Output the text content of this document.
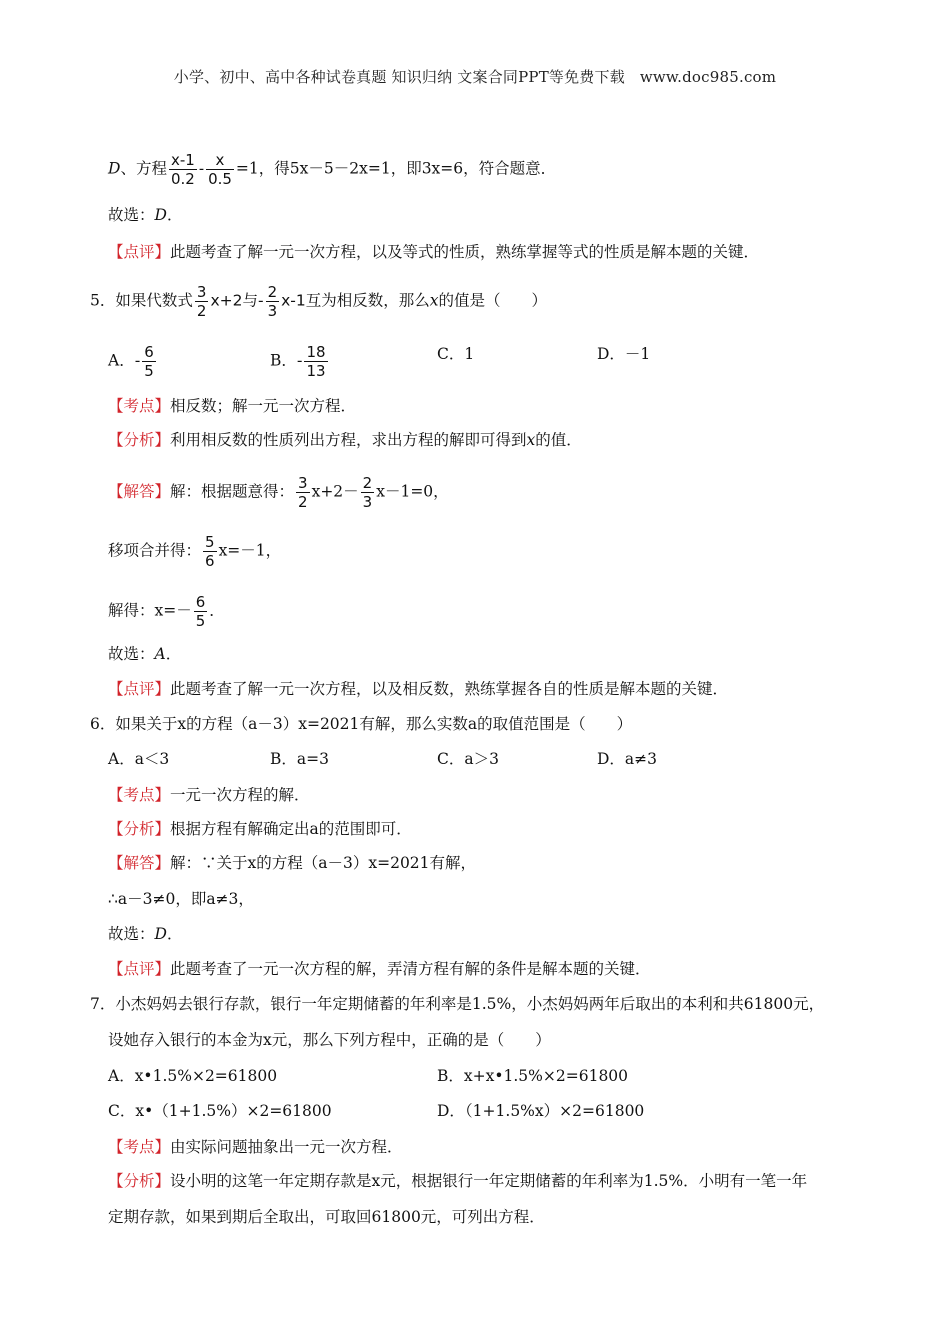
小学、初中、高中各种试卷真题 知识归纳 文案合同PPT等免费下载 www.doc985.com
D、方程 $\frac{x-1}{0.2} - \frac{x}{0.5} =1$，得5x－5－2x=1，即3x=6，符合题意．
故选：D．
【点评】此题考查了解一元一次方程，以及等式的性质，熟练掌握等式的性质是解本题的关键．
5．如果代数式 $\frac{3}{2} x+2$与- $\frac{2}{3} x-1$互为相反数，那么x的值是（　　）
A．- $\frac{6}{5}$	B．- $\frac{18}{13}$	C．1	D．－1
【考点】相反数；解一元一次方程．
【分析】利用相反数的性质列出方程，求出方程的解即可得到x的值．
【解答】解：根据题意得： $\frac{3}{2} x+2- \frac{2}{3} x-1=0$，
移项合并得： $\frac{5}{6} x=-1$，
解得：$x=- \frac{6}{5}$ ．
故选：A．
【点评】此题考查了解一元一次方程，以及相反数，熟练掌握各自的性质是解本题的关键．
6．如果关于x的方程（a－3）x=2021有解，那么实数a的取值范围是（　　）
A．a＜3	B．a=3	C．a＞3	D．a≠3
【考点】一元一次方程的解．
【分析】根据方程有解确定出a的范围即可．
【解答】解：∵关于x的方程（a－3）x=2021有解，
∴a－3≠0，即a≠3，
故选：D．
【点评】此题考查了一元一次方程的解，弄清方程有解的条件是解本题的关键．
7．小杰妈妈去银行存款，银行一年定期储蓄的年利率是1.5%，小杰妈妈两年后取出的本利和共61800元，
设她存入银行的本金为x元，那么下列方程中，正确的是（　　）
A．x•1.5%×2=61800	B．x+x•1.5%×2=61800
C．x•（1+1.5%）×2=61800	D．（1+1.5%x）×2=61800
【考点】由实际问题抽象出一元一次方程．
【分析】设小明的这笔一年定期存款是x元，根据银行一年定期储蓄的年利率为1.5%．小明有一笔一年
定期存款，如果到期后全取出，可取回61800元，可列出方程．
